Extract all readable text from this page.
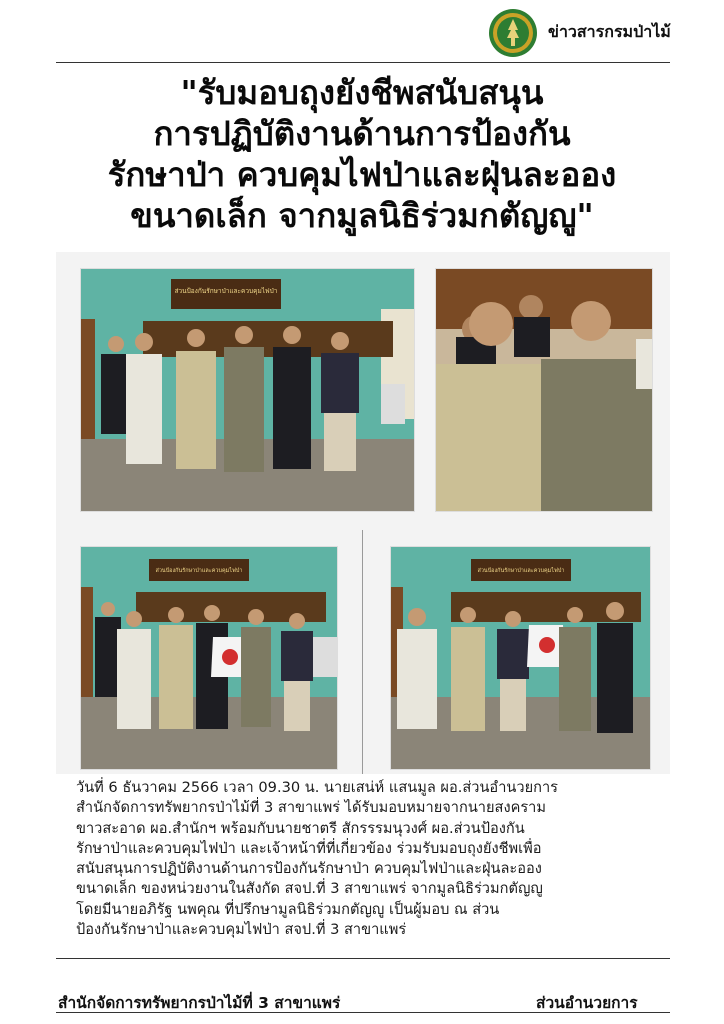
ข่าวสารกรมป่าไม้
"รับมอบถุงยังชีพสนับสนุน
การปฏิบัติงานด้านการป้องกัน
รักษาป่า ควบคุมไฟป่าและฝุ่นละออง
ขนาดเล็ก จากมูลนิธิร่วมกตัญญู"
ส่วนป้องกันรักษาป่าและควบคุมไฟป่า
ส่วนป้องกันรักษาป่าและควบคุมไฟป่า	ส่วนป้องกันรักษาป่าและควบคุมไฟป่า
วันที่ 6 ธันวาคม 2566 เวลา 09.30 น. นายเสน่ห์ แสนมูล ผอ.ส่วนอำนวยการ
สำนักจัดการทรัพยากรป่าไม้ที่ 3 สาขาแพร่ ได้รับมอบหมายจากนายสงคราม
ขาวสะอาด ผอ.สำนักฯ พร้อมกับนายชาตรี สักรรรมนุวงศ์ ผอ.ส่วนป้องกัน
รักษาป่าและควบคุมไฟป่า และเจ้าหน้าที่ที่เกี่ยวข้อง ร่วมรับมอบถุงยังชีพเพื่อ
สนับสนุนการปฏิบัติงานด้านการป้องกันรักษาป่า ควบคุมไฟป่าและฝุ่นละออง
ขนาดเล็ก ของหน่วยงานในสังกัด สจป.ที่ 3 สาขาแพร่ จากมูลนิธิร่วมกตัญญู
โดยมีนายอภิรัฐ นพคุณ ที่ปรึกษามูลนิธิร่วมกตัญญู เป็นผู้มอบ ณ ส่วน
ป้องกันรักษาป่าและควบคุมไฟป่า สจป.ที่ 3 สาขาแพร่
สำนักจัดการทรัพยากรป่าไม้ที่ 3 สาขาแพร่	ส่วนอำนวยการ
